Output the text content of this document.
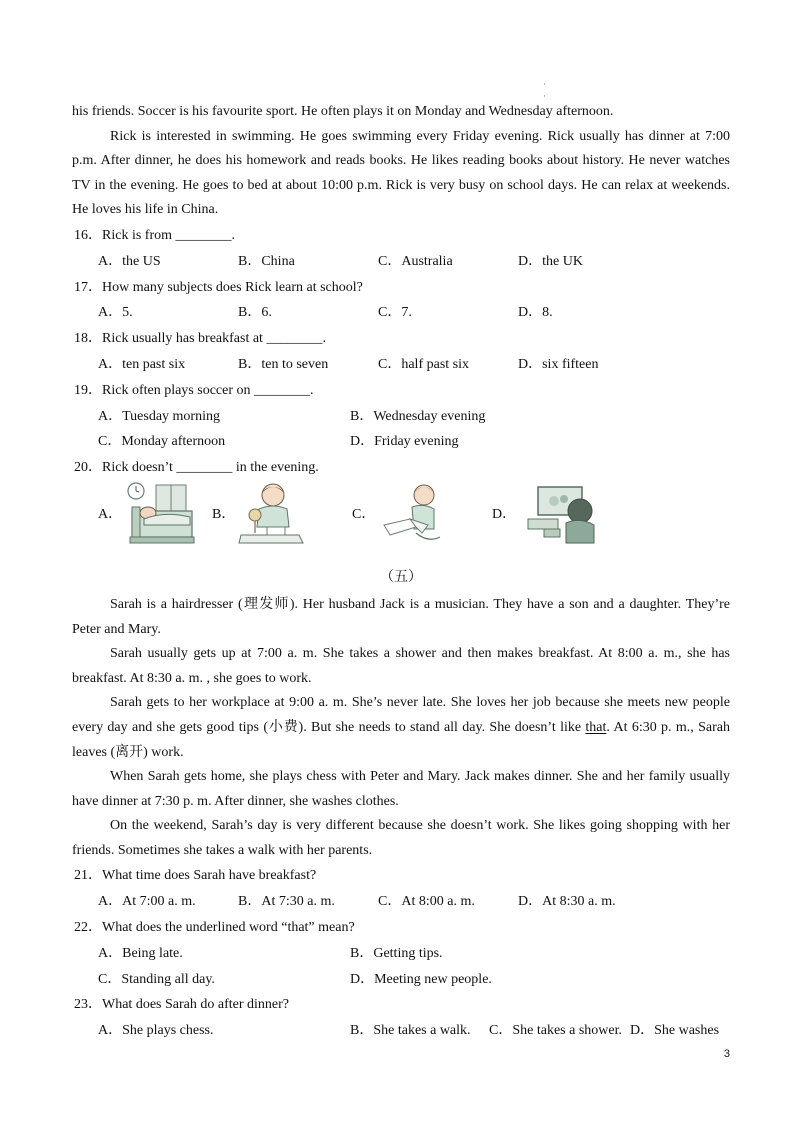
·
·

his friends. Soccer is his favourite sport. He often plays it on Monday and Wednesday afternoon.

Rick is interested in swimming. He goes swimming every Friday evening. Rick usually has dinner at 7:00 p.m. After dinner, he does his homework and reads books. He likes reading books about history. He never watches TV in the evening. He goes to bed at about 10:00 p.m. Rick is very busy on school days. He can relax at weekends. He loves his life in China.

16．Rick is from ________.
A．the US	B．China	C．Australia	D．the UK
17．How many subjects does Rick learn at school?
A．5.	B．6.	C．7.	D．8.
18．Rick usually has breakfast at ________.
A．ten past six	B．ten to seven	C．half past six	D．six fifteen
19．Rick often plays soccer on ________.
A．Tuesday morning	B．Wednesday evening
C．Monday afternoon	D．Friday evening
20．Rick doesn’t ________ in the evening.
A．	B．	C．	D．
（五）

Sarah is a hairdresser (理发师). Her husband Jack is a musician. They have a son and a daughter. They’re Peter and Mary.

Sarah usually gets up at 7:00 a. m. She takes a shower and then makes breakfast. At 8:00 a. m., she has breakfast. At 8:30 a. m. , she goes to work.

Sarah gets to her workplace at 9:00 a. m. She’s never late. She loves her job because she meets new people every day and she gets good tips (小费). But she needs to stand all day. She doesn’t like that. At 6:30 p. m., Sarah leaves (离开) work.

When Sarah gets home, she plays chess with Peter and Mary. Jack makes dinner. She and her family usually have dinner at 7:30 p. m. After dinner, she washes clothes.

On the weekend, Sarah’s day is very different because she doesn’t work. She likes going shopping with her friends. Sometimes she takes a walk with her parents.

21．What time does Sarah have breakfast?
A．At 7:00 a. m.	B．At 7:30 a. m.	C．At 8:00 a. m.	D．At 8:30 a. m.
22．What does the underlined word “that” mean?
A．Being late.	B．Getting tips.
C．Standing all day.	D．Meeting new people.
23．What does Sarah do after dinner?
A．She plays chess.	B．She takes a walk.	C．She takes a shower. D．She washes
3
